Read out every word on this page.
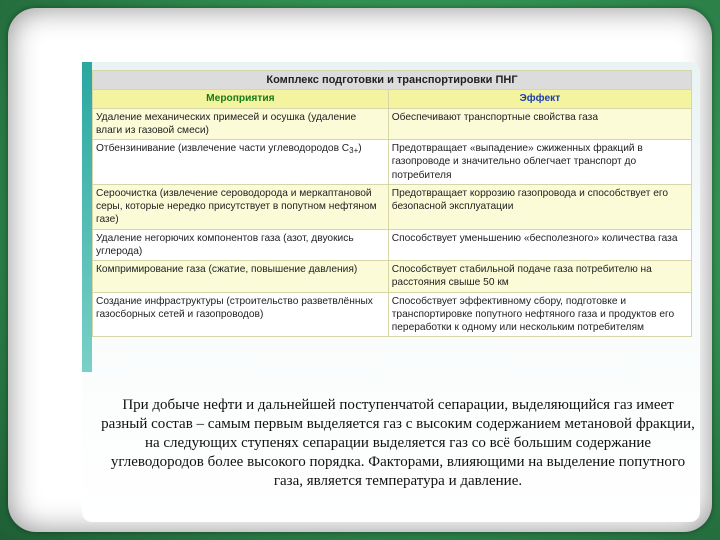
Комплекс подготовки и транспортировки ПНГ	
Мероприятия	Эффект
Удаление механических примесей и осушка (удаление влаги из газовой смеси)	Обеспечивают транспортные свойства газа
Отбензинивание (извлечение части углеводородов C3+)	Предотвращает «выпадение» сжиженных фракций в газопроводе и значительно облегчает транспорт до потребителя
Сероочистка (извлечение сероводорода и меркаптановой серы, которые нередко присутствует в попутном нефтяном газе)	Предотвращает коррозию газопровода и способствует его безопасной эксплуатации
Удаление негорючих компонентов газа (азот, двуокись углерода)	Способствует уменьшению «бесполезного» количества газа
Компримирование газа (сжатие, повышение давления)	Способствует стабильной подаче газа потребителю на расстояния свыше 50 км
Создание инфраструктуры (строительство разветвлённых газосборных сетей и газопроводов)	Способствует эффективному сбору, подготовке и транспортировке попутного нефтяного газа и продуктов его переработки к одному или нескольким потребителям
При добыче нефти и дальнейшей поступенчатой сепарации, выделяющийся газ имеет разный состав – самым первым выделяется газ с высоким содержанием метановой фракции, на следующих ступенях сепарации выделяется газ со всё большим содержание углеводородов более высокого порядка. Факторами, влияющими на выделение попутного газа, является температура и давление.
